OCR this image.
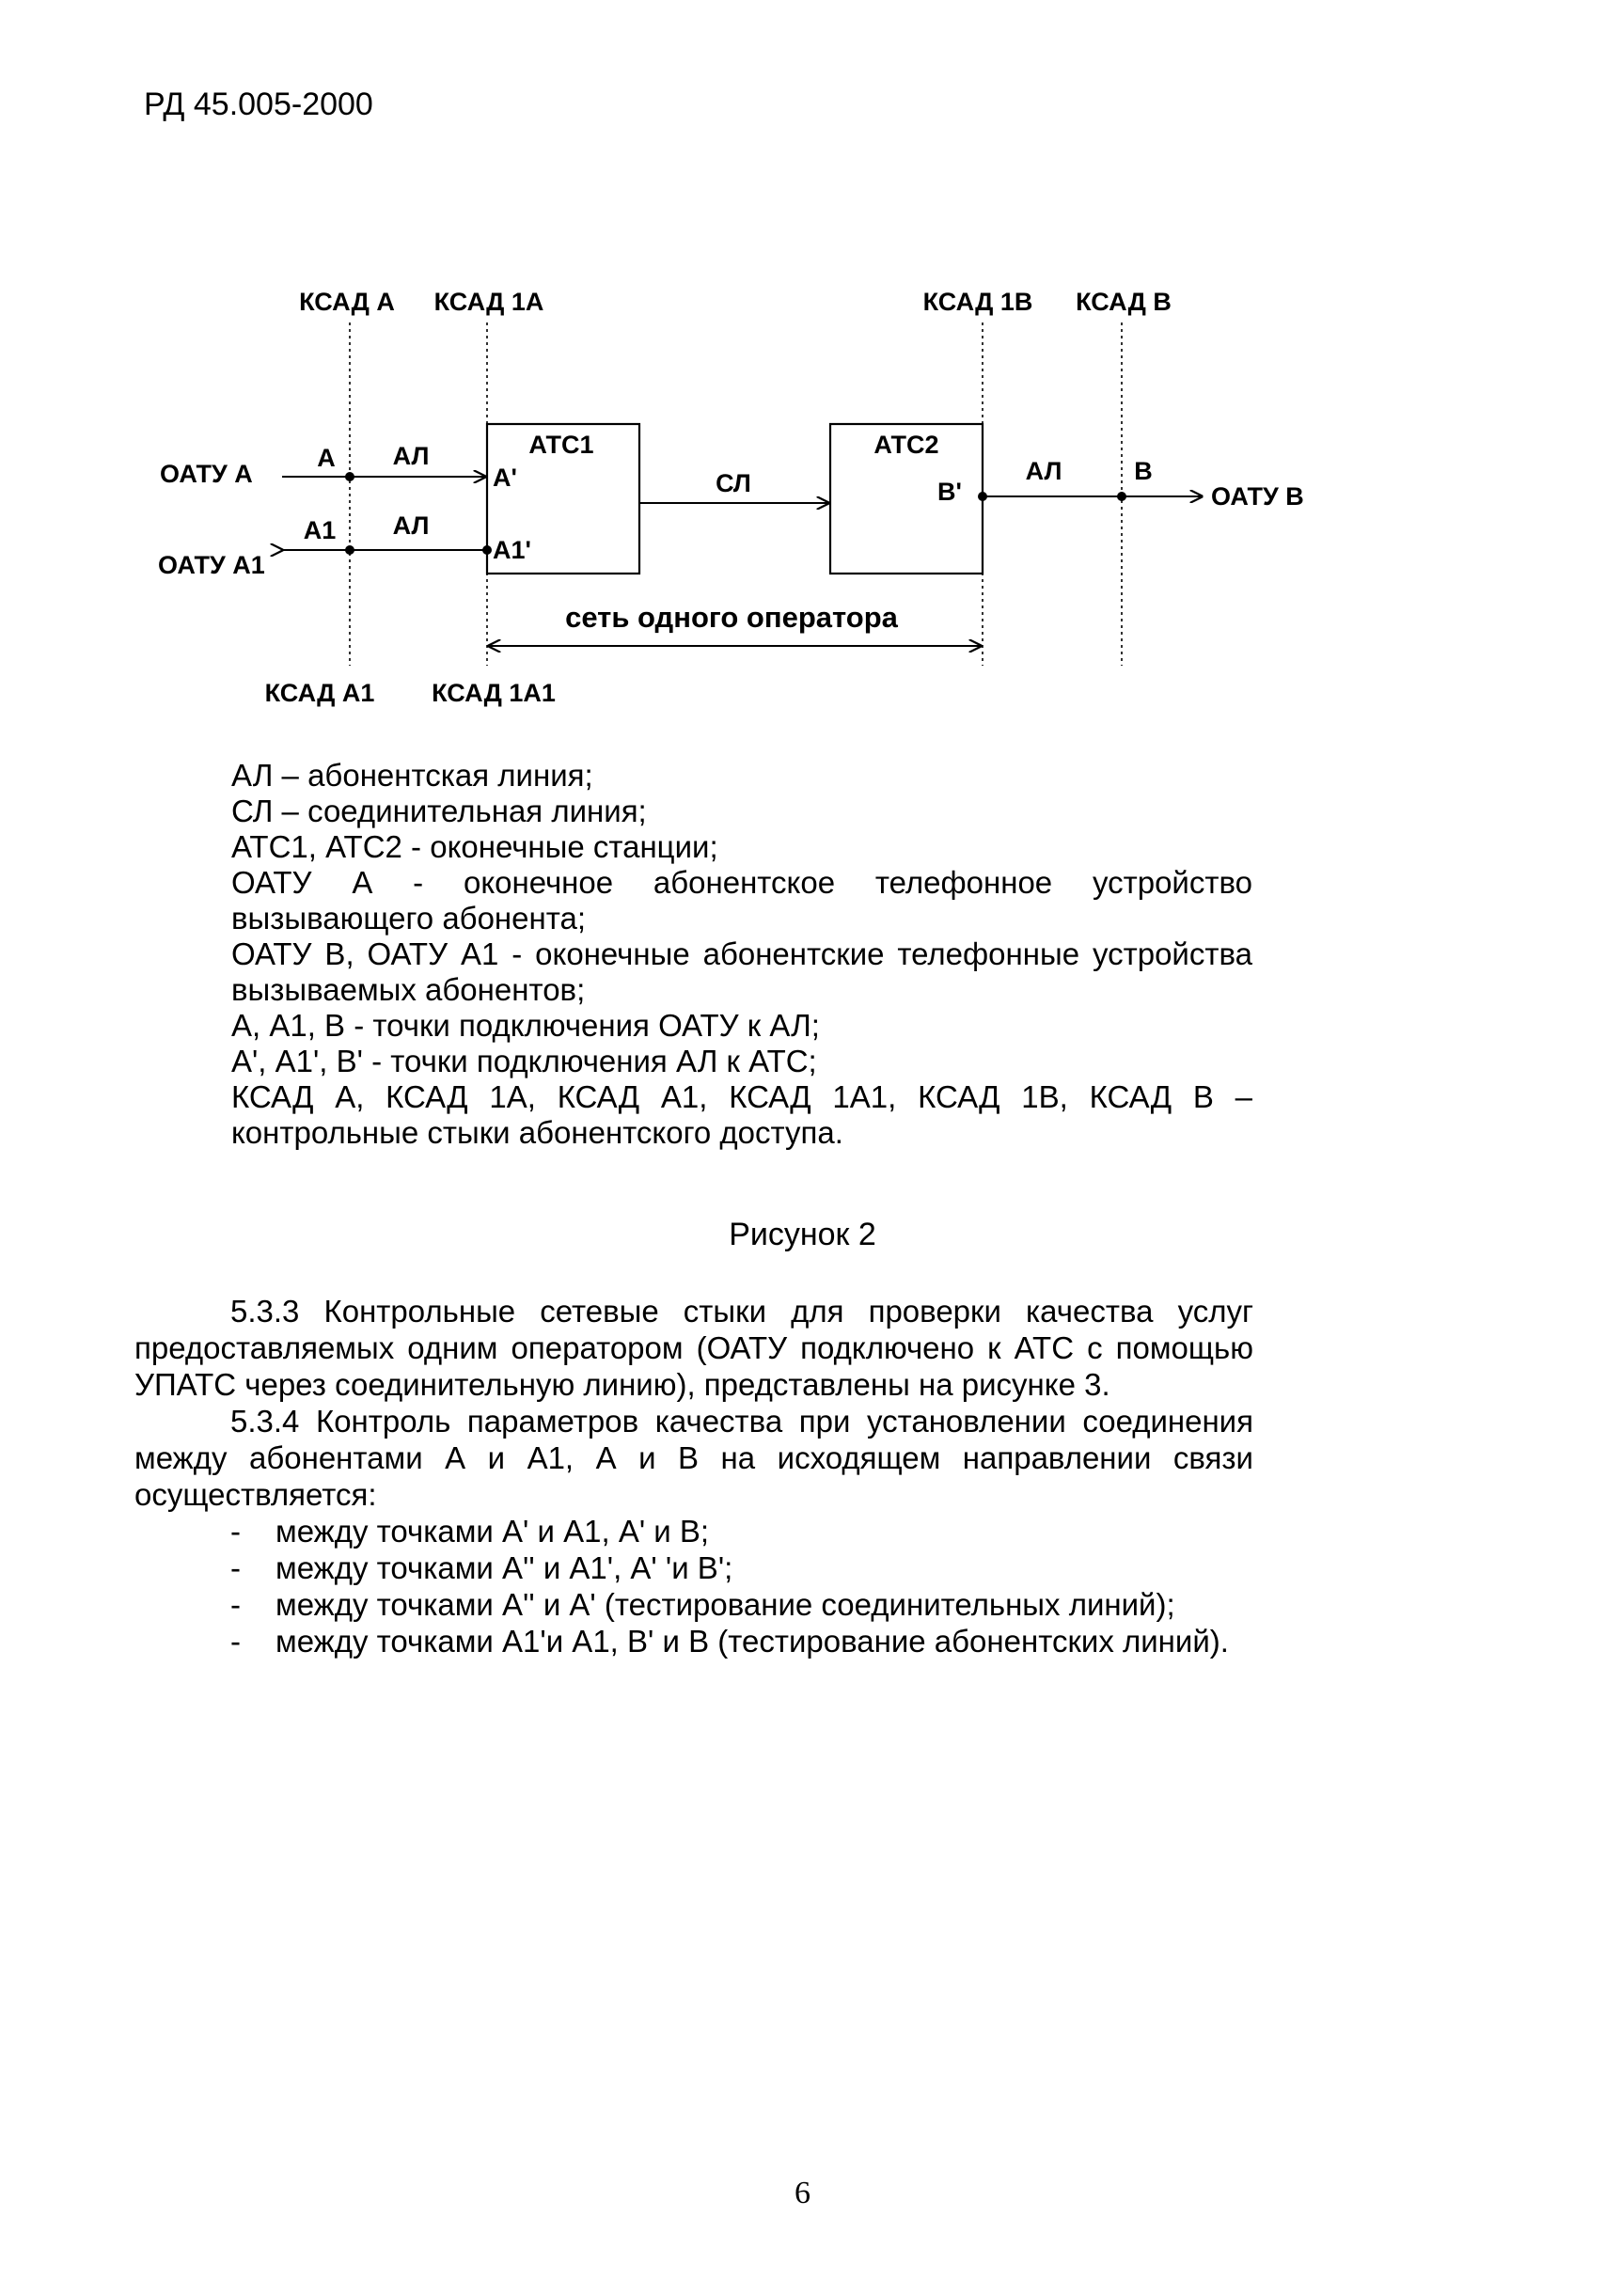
РД 45.005-2000
КСАД А КСАД 1А	КСАД 1В КСАД В
КСАД А1 КСАД 1А1
ОАТУ А
ОАТУ А1
АТС1	АТС2
А
А1
А'
А1'
В'
В
АЛ
АЛ
СЛ	АЛ
ОАТУ В
сеть одного оператора

АЛ – абонентская линия;

СЛ – соединительная линия;

АТС1, АТС2 - оконечные станции;

ОАТУ А - оконечное абонентское телефонное устройство вызывающего абонента;

ОАТУ В, ОАТУ А1 - оконечные абонентские телефонные устройства вызываемых абонентов;

А, А1, В - точки подключения ОАТУ к АЛ;

А', А1', В' - точки подключения АЛ к АТС;

КСАД А, КСАД 1А, КСАД А1, КСАД 1А1, КСАД 1В, КСАД В – контрольные стыки абонентского доступа.

Рисунок 2

5.3.3 Контрольные сетевые стыки для проверки качества услуг предоставляемых одним оператором (ОАТУ подключено к АТС с помощью УПАТС через соединительную линию), представлены на рисунке 3.

5.3.4 Контроль параметров качества при установлении соединения между абонентами А и А1, А и В на исходящем направлении связи осуществляется:

- между точками А' и А1, А' и В;

- между точками А'' и А1', А' 'и В';

- между точками А'' и А' (тестирование соединительных линий);

- между точками А1'и А1, В' и В (тестирование абонентских линий).

6
